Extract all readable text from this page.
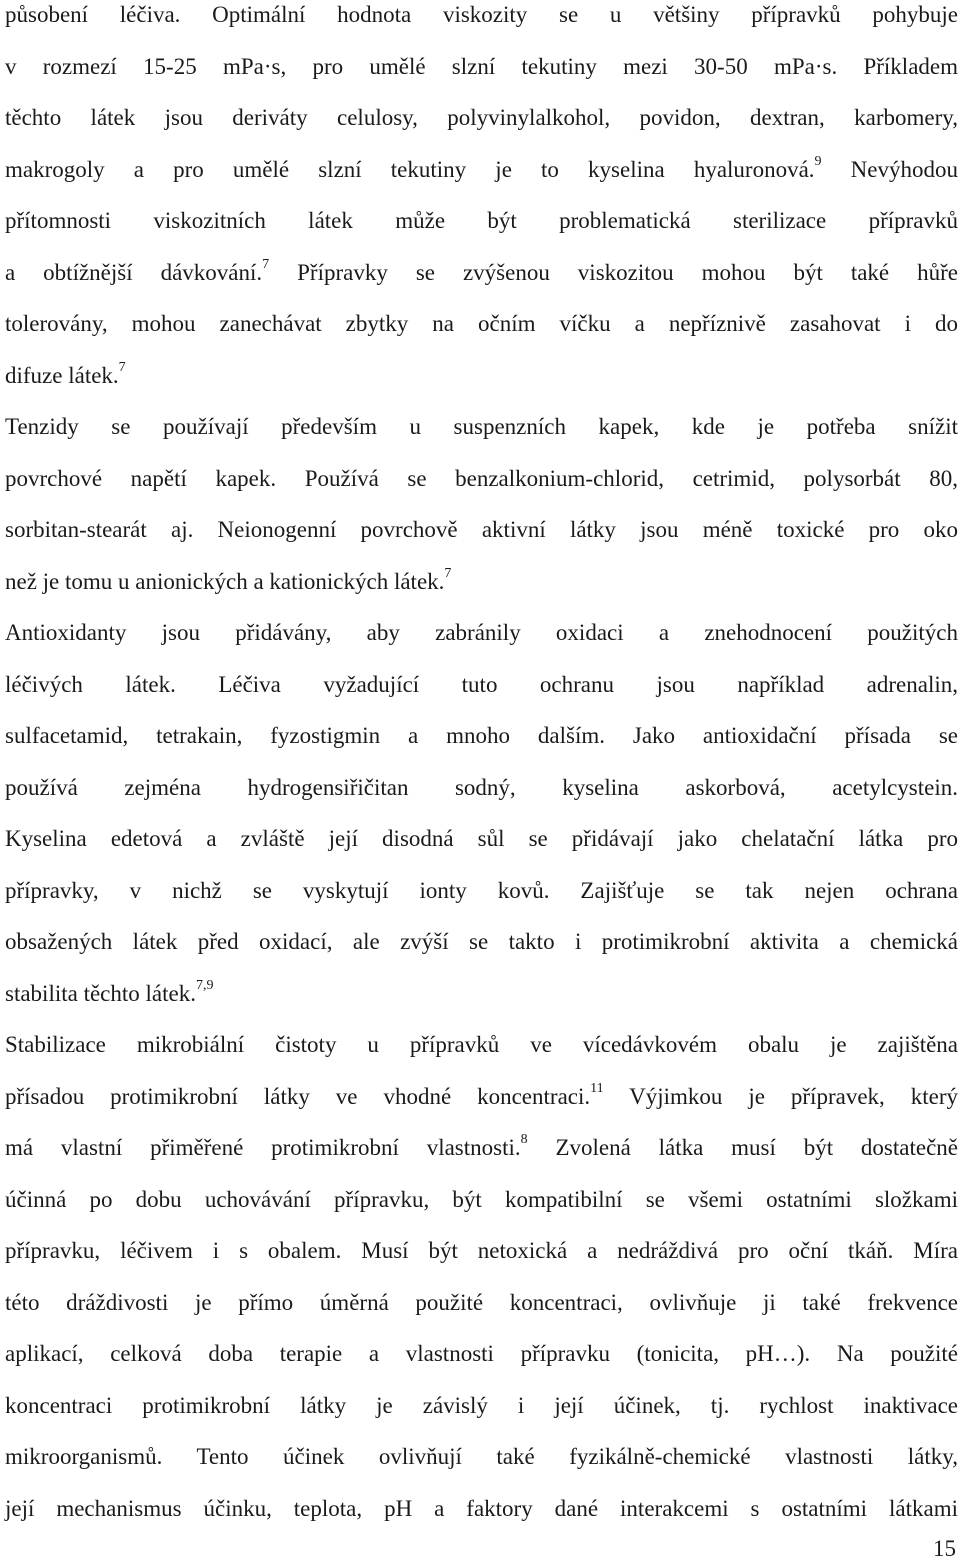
působení léčiva. Optimální hodnota viskozity se u většiny přípravků pohybuje
v rozmezí 15-25 mPa·s, pro umělé slzní tekutiny mezi 30-50 mPa·s. Příkladem
těchto látek jsou deriváty celulosy, polyvinylalkohol, povidon, dextran, karbomery,
makrogoly a pro umělé slzní tekutiny je to kyselina hyaluronová.$^9$ Nevýhodou
přítomnosti viskozitních látek může být problematická sterilizace přípravků
a obtížnější dávkování.$^7$ Přípravky se zvýšenou viskozitou mohou být také hůře
tolerovány, mohou zanechávat zbytky na očním víčku a nepříznivě zasahovat i do
difuze látek.$^7$
Tenzidy se používají především u suspenzních kapek, kde je potřeba snížit
povrchové napětí kapek. Používá se benzalkonium-chlorid, cetrimid, polysorbát 80,
sorbitan-stearát aj. Neionogenní povrchově aktivní látky jsou méně toxické pro oko
než je tomu u anionických a kationických látek.$^7$
Antioxidanty jsou přidávány, aby zabránily oxidaci a znehodnocení použitých
léčivých látek. Léčiva vyžadující tuto ochranu jsou například adrenalin,
sulfacetamid, tetrakain, fyzostigmin a mnoho dalším. Jako antioxidační přísada se
používá zejména hydrogensiřičitan sodný, kyselina askorbová, acetylcystein.
Kyselina edetová a zvláště její disodná sůl se přidávají jako chelatační látka pro
přípravky, v nichž se vyskytují ionty kovů. Zajišťuje se tak nejen ochrana
obsažených látek před oxidací, ale zvýší se takto i protimikrobní aktivita a chemická
stabilita těchto látek.$^{7,9}$
Stabilizace mikrobiální čistoty u přípravků ve vícedávkovém obalu je zajištěna
přísadou protimikrobní látky ve vhodné koncentraci.$^{11}$ Výjimkou je přípravek, který
má vlastní přiměřené protimikrobní vlastnosti.$^8$ Zvolená látka musí být dostatečně
účinná po dobu uchovávání přípravku, být kompatibilní se všemi ostatními složkami
přípravku, léčivem i s obalem. Musí být netoxická a nedráždivá pro oční tkáň. Míra
této dráždivosti je přímo úměrná použité koncentraci, ovlivňuje ji také frekvence
aplikací, celková doba terapie a vlastnosti přípravku (tonicita, pH…). Na použité
koncentraci protimikrobní látky je závislý i její účinek, tj. rychlost inaktivace
mikroorganismů. Tento účinek ovlivňují také fyzikálně-chemické vlastnosti látky,
její mechanismus účinku, teplota, pH a faktory dané interakcemi s ostatními látkami
15
